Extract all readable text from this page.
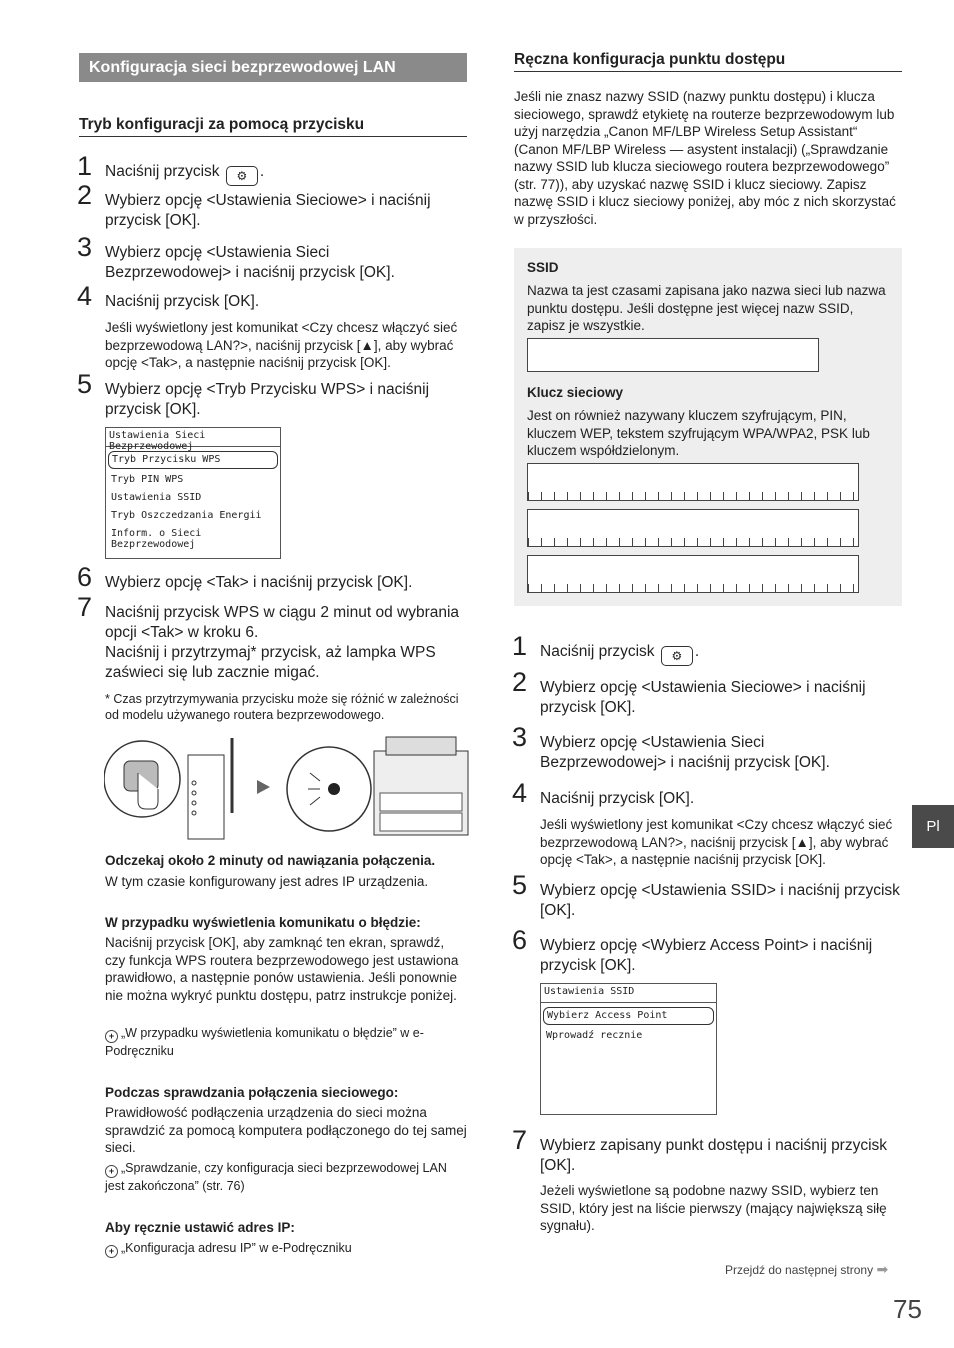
Konfiguracja sieci bezprzewodowej LAN
Tryb konfiguracji za pomocą przycisku
1 Naciśnij przycisk ⚙ .
2 Wybierz opcję <Ustawienia Sieciowe> i naciśnij przycisk [OK].
3 Wybierz opcję <Ustawienia Sieci Bezprzewodowej> i naciśnij przycisk [OK].
4 Naciśnij przycisk [OK].
Jeśli wyświetlony jest komunikat <Czy chcesz włączyć sieć bezprzewodową LAN?>, naciśnij przycisk [▲], aby wybrać opcję <Tak>, a następnie naciśnij przycisk [OK].
5 Wybierz opcję <Tryb Przycisku WPS> i naciśnij przycisk [OK].
Ustawienia Sieci Bezprzewodowej
Tryb Przycisku WPS
Tryb PIN WPS
Ustawienia SSID
Tryb Oszczedzania Energii
Inform. o Sieci Bezprzewodowej
6 Wybierz opcję <Tak> i naciśnij przycisk [OK].
7 Naciśnij przycisk WPS w ciągu 2 minut od wybrania opcji <Tak> w kroku 6.
Naciśnij i przytrzymaj* przycisk, aż lampka WPS zaświeci się lub zacznie migać.
* Czas przytrzymywania przycisku może się różnić w zależności od modelu używanego routera bezprzewodowego.
Odczekaj około 2 minuty od nawiązania połączenia.
W tym czasie konfigurowany jest adres IP urządzenia.
W przypadku wyświetlenia komunikatu o błędzie:
Naciśnij przycisk [OK], aby zamknąć ten ekran, sprawdź, czy funkcja WPS routera bezprzewodowego jest ustawiona prawidłowo, a następnie ponów ustawienia. Jeśli ponownie nie można wykryć punktu dostępu, patrz instrukcje poniżej.
+ „W przypadku wyświetlenia komunikatu o błędzie” w e-Podręczniku
Podczas sprawdzania połączenia sieciowego:
Prawidłowość podłączenia urządzenia do sieci można sprawdzić za pomocą komputera podłączonego do tej samej sieci.
+ „Sprawdzanie, czy konfiguracja sieci bezprzewodowej LAN jest zakończona” (str. 76)
Aby ręcznie ustawić adres IP:
+ „Konfiguracja adresu IP” w e-Podręczniku
Ręczna konfiguracja punktu dostępu
Jeśli nie znasz nazwy SSID (nazwy punktu dostępu) i klucza sieciowego, sprawdź etykietę na routerze bezprzewodowym lub użyj narzędzia „Canon MF/LBP Wireless Setup Assistant“ (Canon MF/LBP Wireless — asystent instalacji) („Sprawdzanie nazwy SSID lub klucza sieciowego routera bezprzewodowego” (str. 77)), aby uzyskać nazwę SSID i klucz sieciowy. Zapisz nazwę SSID i klucz sieciowy poniżej, aby móc z nich skorzystać w przyszłości.
SSID
Nazwa ta jest czasami zapisana jako nazwa sieci lub nazwa punktu dostępu. Jeśli dostępne jest więcej nazw SSID, zapisz je wszystkie.
Klucz sieciowy
Jest on również nazywany kluczem szyfrującym, PIN, kluczem WEP, tekstem szyfrującym WPA/WPA2, PSK lub kluczem współdzielonym.
1 Naciśnij przycisk ⚙ .
2 Wybierz opcję <Ustawienia Sieciowe> i naciśnij przycisk [OK].
3 Wybierz opcję <Ustawienia Sieci Bezprzewodowej> i naciśnij przycisk [OK].
4 Naciśnij przycisk [OK].
Jeśli wyświetlony jest komunikat <Czy chcesz włączyć sieć bezprzewodową LAN?>, naciśnij przycisk [▲], aby wybrać opcję <Tak>, a następnie naciśnij przycisk [OK].
5 Wybierz opcję <Ustawienia SSID> i naciśnij przycisk [OK].
6 Wybierz opcję <Wybierz Access Point> i naciśnij przycisk [OK].
Ustawienia SSID
Wybierz Access Point
Wprowadź recznie
7 Wybierz zapisany punkt dostępu i naciśnij przycisk [OK].
Jeżeli wyświetlone są podobne nazwy SSID, wybierz ten SSID, który jest na liście pierwszy (mający największą siłę sygnału).
Pl
Przejdź do następnej strony ➡
75
